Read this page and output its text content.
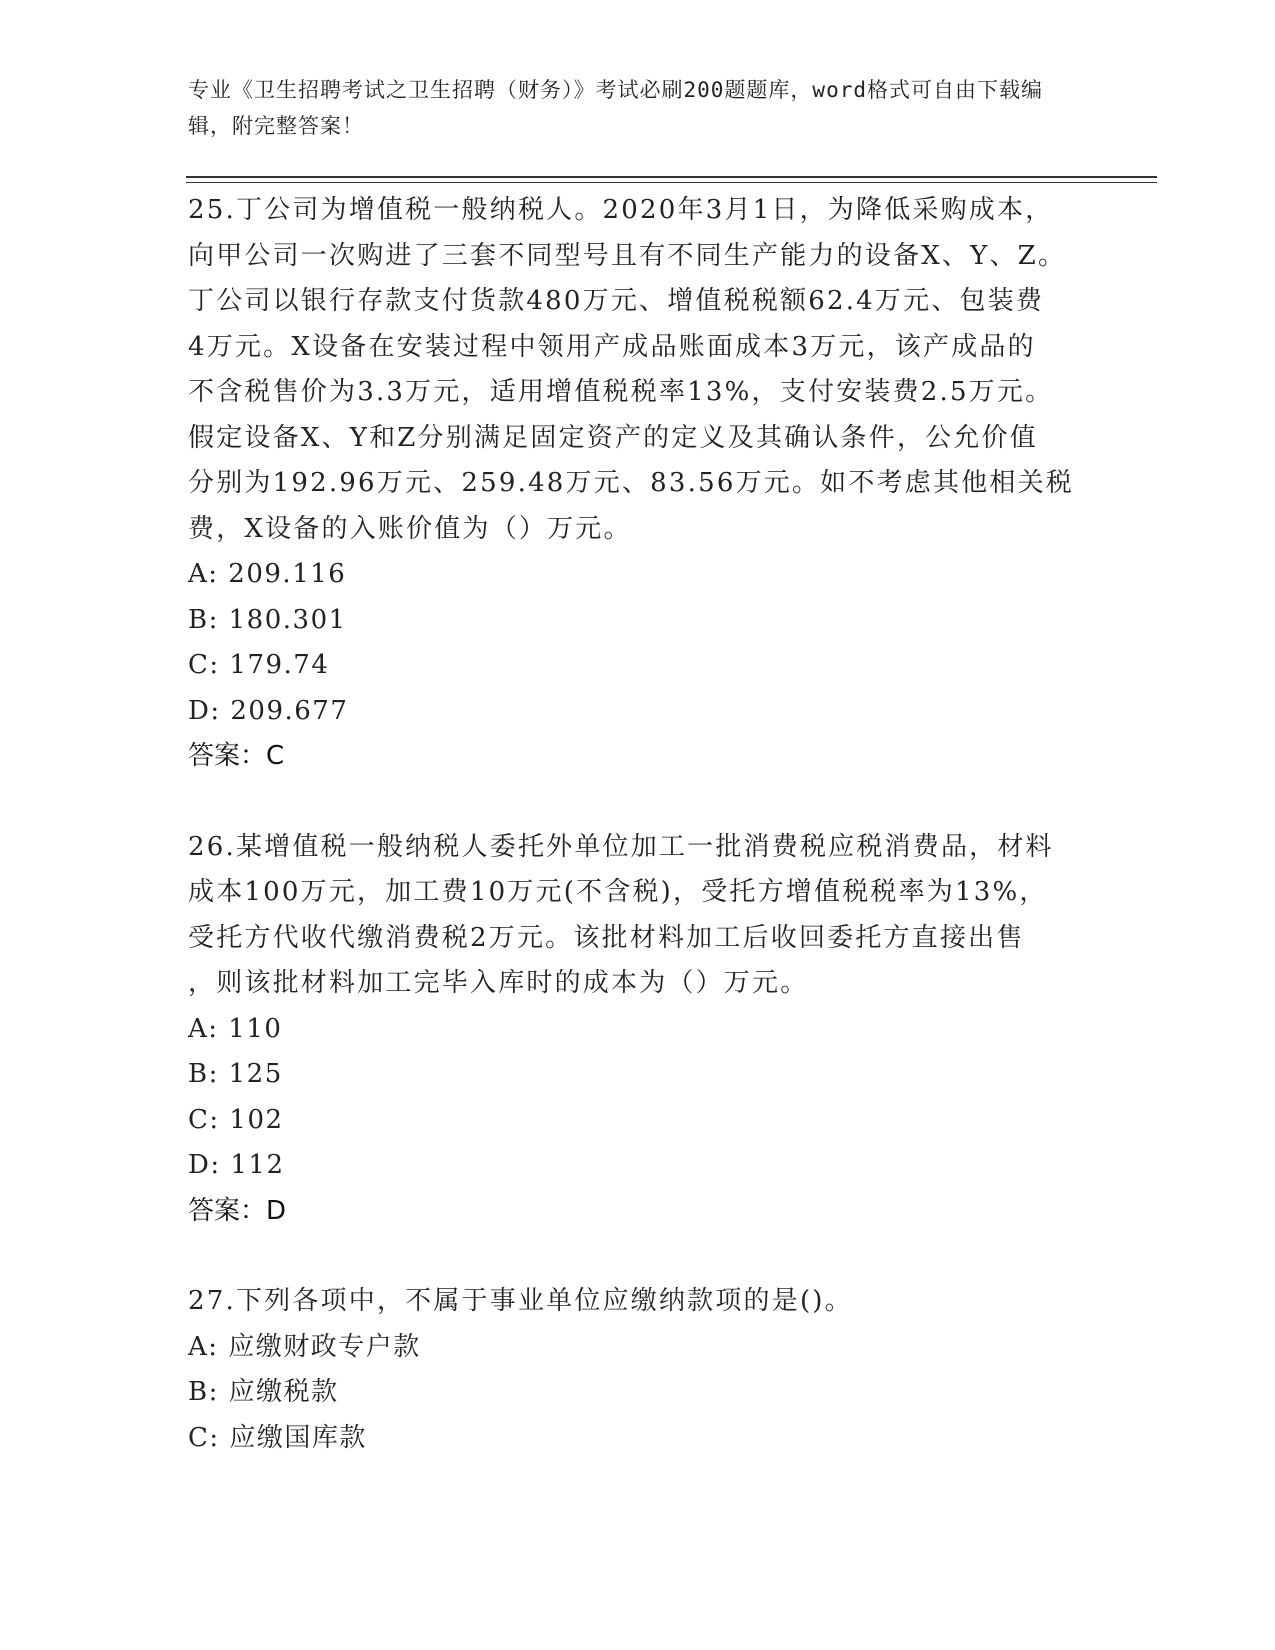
专业《卫生招聘考试之卫生招聘（财务）》考试必刷200题题库，word格式可自由下载编辑，附完整答案！
25.丁公司为增值税一般纳税人。2020年3月1日，为降低采购成本，
向甲公司一次购进了三套不同型号且有不同生产能力的设备X、Y、Z。
丁公司以银行存款支付货款480万元、增值税税额62.4万元、包装费
4万元。X设备在安装过程中领用产成品账面成本3万元，该产成品的
不含税售价为3.3万元，适用增值税税率13%，支付安装费2.5万元。
假定设备X、Y和Z分别满足固定资产的定义及其确认条件，公允价值
分别为192.96万元、259.48万元、83.56万元。如不考虑其他相关税
费，X设备的入账价值为（）万元。
A: 209.116
B: 180.301
C: 179.74
D: 209.677
答案：C
26.某增值税一般纳税人委托外单位加工一批消费税应税消费品，材料
成本100万元，加工费10万元(不含税)，受托方增值税税率为13%，
受托方代收代缴消费税2万元。该批材料加工后收回委托方直接出售
，则该批材料加工完毕入库时的成本为（）万元。
A: 110
B: 125
C: 102
D: 112
答案：D
27.下列各项中，不属于事业单位应缴纳款项的是()。
A: 应缴财政专户款
B: 应缴税款
C: 应缴国库款
